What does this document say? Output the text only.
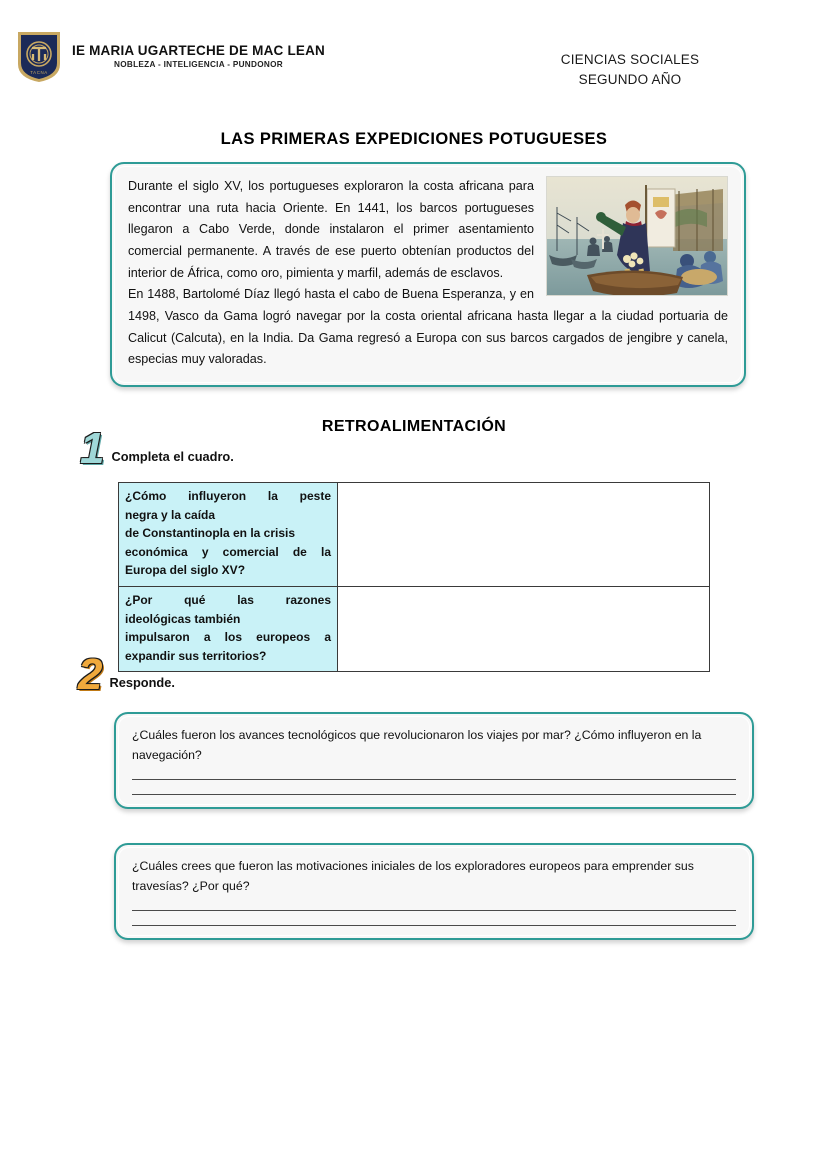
TACNA
IE MARIA UGARTECHE DE MAC LEAN
NOBLEZA - INTELIGENCIA - PUNDONOR	CIENCIAS SOCIALES
SEGUNDO AÑO
LAS PRIMERAS EXPEDICIONES POTUGUESES
Durante el siglo XV, los portugueses exploraron la costa africana para encontrar una ruta hacia Oriente. En 1441, los barcos portugueses llegaron a Cabo Verde, donde instalaron el primer asentamiento comercial permanente. A través de ese puerto obtenían productos del interior de África, como oro, pimienta y marfil, además de esclavos.
En 1488, Bartolomé Díaz llegó hasta el cabo de Buena Esperanza, y en 1498, Vasco da Gama logró navegar por la costa oriental africana hasta llegar a la ciudad portuaria de Calicut (Calcuta), en la India. Da Gama regresó a Europa con sus barcos cargados de jengibre y canela, especias muy valoradas.
RETROALIMENTACIÓN
1 Completa el cuadro.
¿Cómo influyeron la peste
negra y la caída
de Constantinopla en la crisis
económica y comercial de la
Europa del siglo XV?	

¿Por qué las razones
ideológicas también
impulsaron a los europeos a
expandir sus territorios?	

2 Responde.

¿Cuáles fueron los avances tecnológicos que revolucionaron los viajes por mar? ¿Cómo influyeron en la navegación?

¿Cuáles crees que fueron las motivaciones iniciales de los exploradores europeos para emprender sus travesías? ¿Por qué?
